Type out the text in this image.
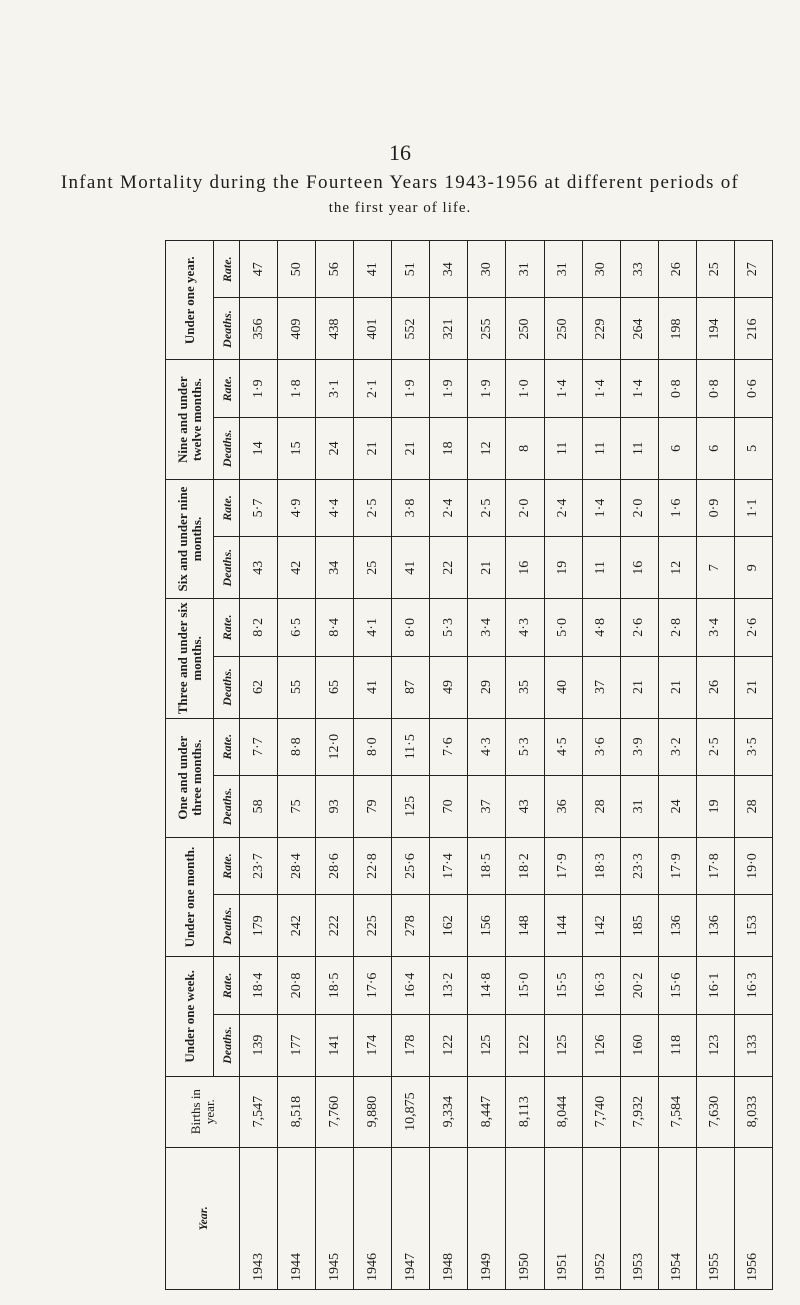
16
Infant Mortality during the Fourteen Years 1943-1956 at different periods of
the first year of life.
Year.	Births in year.	Under one week.		Under one month.		One and under three months.		Three and under six months.		Six and under nine months.		Nine and under twelve months.		Under one year.	
		Deaths.	Rate.	Deaths.	Rate.	Deaths.	Rate.	Deaths.	Rate.	Deaths.	Rate.	Deaths.	Rate.	Deaths.	Rate.
1943	7,547	139	18·4	179	23·7	58	7·7	62	8·2	43	5·7	14	1·9	356	47
1944	8,518	177	20·8	242	28·4	75	8·8	55	6·5	42	4·9	15	1·8	409	50
1945	7,760	141	18·5	222	28·6	93	12·0	65	8·4	34	4·4	24	3·1	438	56
1946	9,880	174	17·6	225	22·8	79	8·0	41	4·1	25	2·5	21	2·1	401	41
1947	10,875	178	16·4	278	25·6	125	11·5	87	8·0	41	3·8	21	1·9	552	51
1948	9,334	122	13·2	162	17·4	70	7·6	49	5·3	22	2·4	18	1·9	321	34
1949	8,447	125	14·8	156	18·5	37	4·3	29	3·4	21	2·5	12	1·9	255	30
1950	8,113	122	15·0	148	18·2	43	5·3	35	4·3	16	2·0	8	1·0	250	31
1951	8,044	125	15·5	144	17·9	36	4·5	40	5·0	19	2·4	11	1·4	250	31
1952	7,740	126	16·3	142	18·3	28	3·6	37	4·8	11	1·4	11	1·4	229	30
1953	7,932	160	20·2	185	23·3	31	3·9	21	2·6	16	2·0	11	1·4	264	33
1954	7,584	118	15·6	136	17·9	24	3·2	21	2·8	12	1·6	6	0·8	198	26
1955	7,630	123	16·1	136	17·8	19	2·5	26	3·4	7	0·9	6	0·8	194	25
1956	8,033	133	16·3	153	19·0	28	3·5	21	2·6	9	1·1	5	0·6	216	27
